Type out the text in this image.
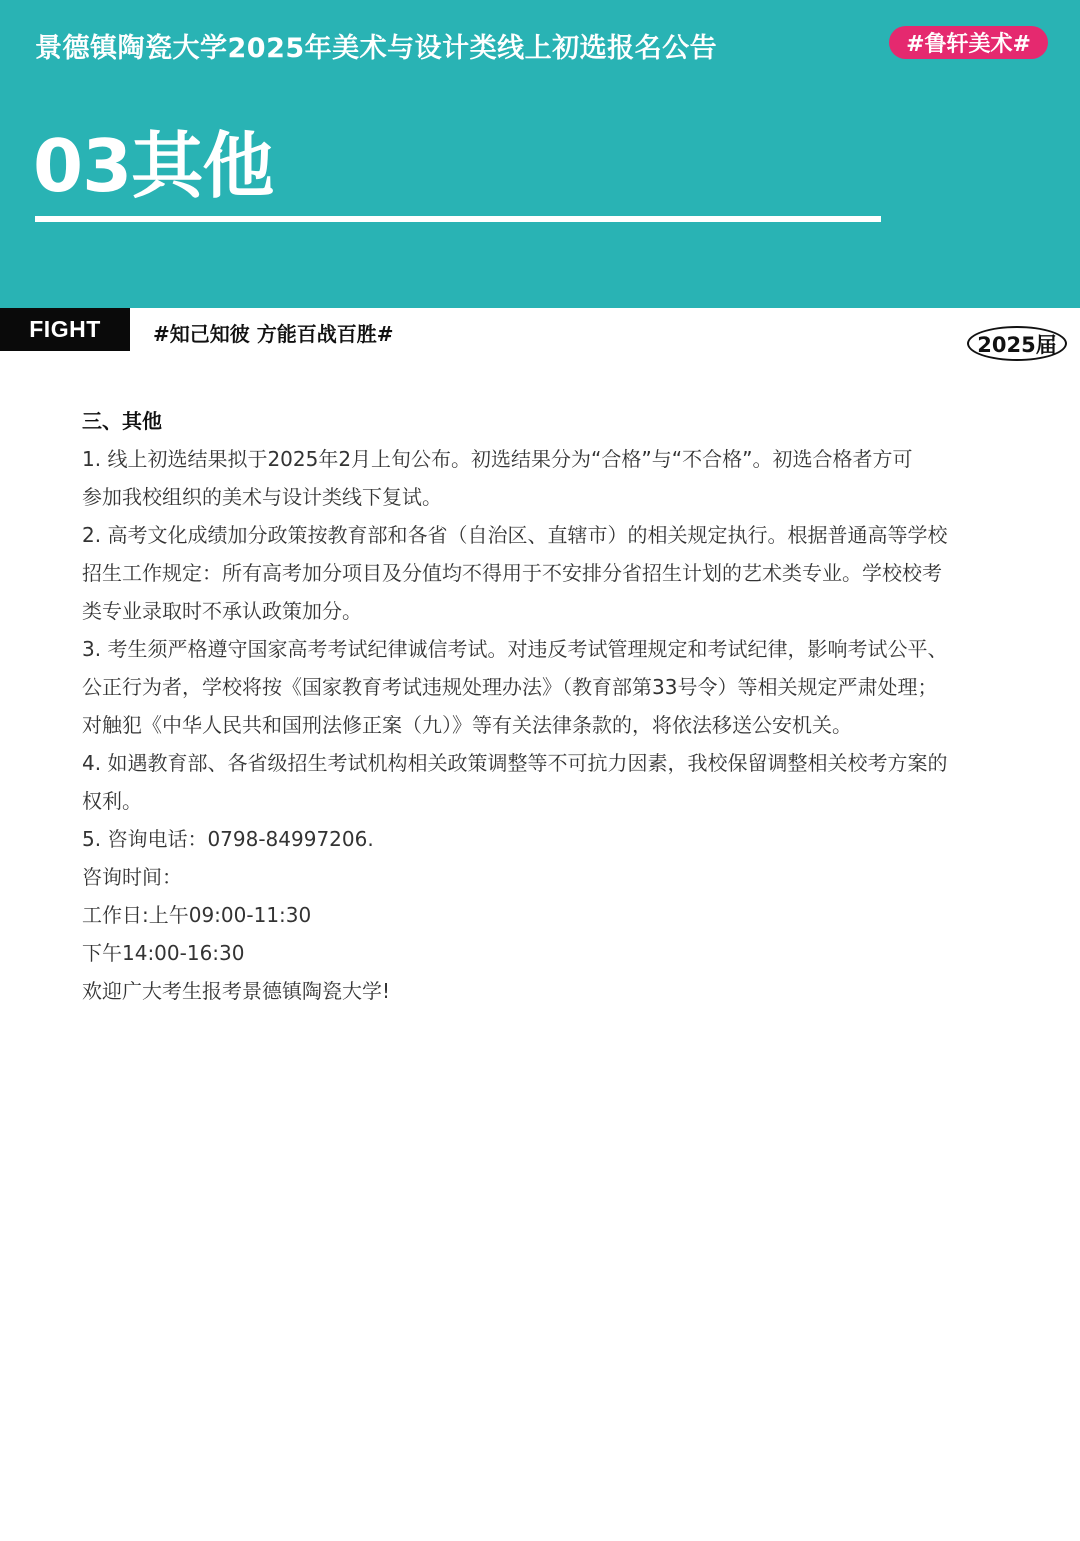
景德镇陶瓷大学2025年美术与设计类线上初选报名公告	#鲁轩美术#
03其他
FIGHT	#知己知彼 方能百战百胜#	2025届
三、其他
1. 线上初选结果拟于2025年2月上旬公布。初选结果分为“合格”与“不合格”。初选合格者方可
参加我校组织的美术与设计类线下复试。
2. 高考文化成绩加分政策按教育部和各省（自治区、直辖市）的相关规定执行。根据普通高等学校
招生工作规定：所有高考加分项目及分值均不得用于不安排分省招生计划的艺术类专业。学校校考
类专业录取时不承认政策加分。
3. 考生须严格遵守国家高考考试纪律诚信考试。对违反考试管理规定和考试纪律，影响考试公平、
公正行为者，学校将按《国家教育考试违规处理办法》（教育部第33号令）等相关规定严肃处理；
对触犯《中华人民共和国刑法修正案（九）》等有关法律条款的，将依法移送公安机关。
4. 如遇教育部、各省级招生考试机构相关政策调整等不可抗力因素，我校保留调整相关校考方案的
权利。
5. 咨询电话：0798-84997206.
咨询时间：
工作日:上午09:00-11:30
下午14:00-16:30
欢迎广大考生报考景德镇陶瓷大学!
